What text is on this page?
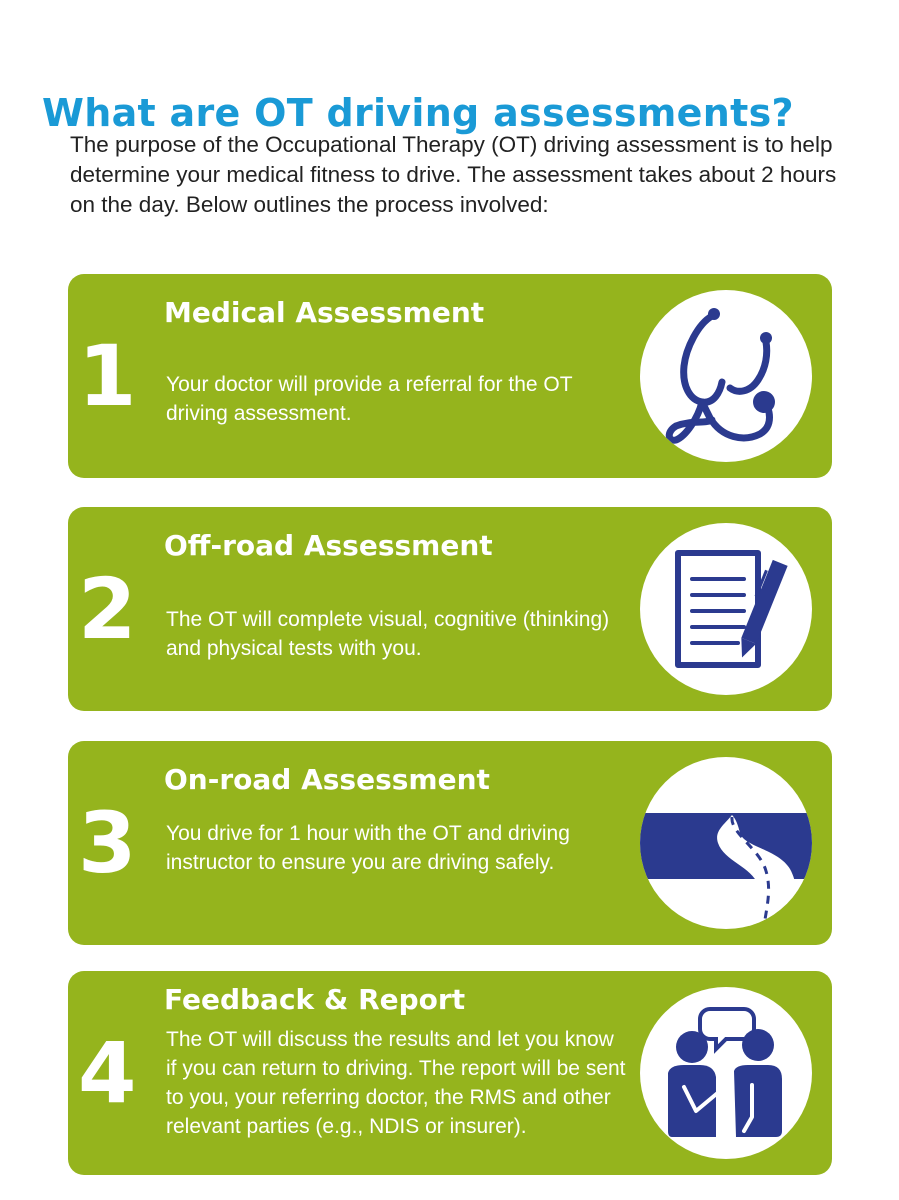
What are OT driving assessments?

The purpose of the Occupational Therapy (OT) driving assessment is to help determine your medical fitness to drive. The assessment takes about 2 hours on the day. Below outlines the process involved:

1
Medical Assessment
Your doctor will provide a referral for the OT driving assessment.
2
Off-road Assessment
The OT will complete visual, cognitive (thinking) and physical tests with you.
3
On-road Assessment
You drive for 1 hour with the OT and driving instructor to ensure you are driving safely.
4
Feedback & Report
The OT will discuss the results and let you know if you can return to driving. The report will be sent to you, your referring doctor, the RMS and other relevant parties (e.g., NDIS or insurer).
